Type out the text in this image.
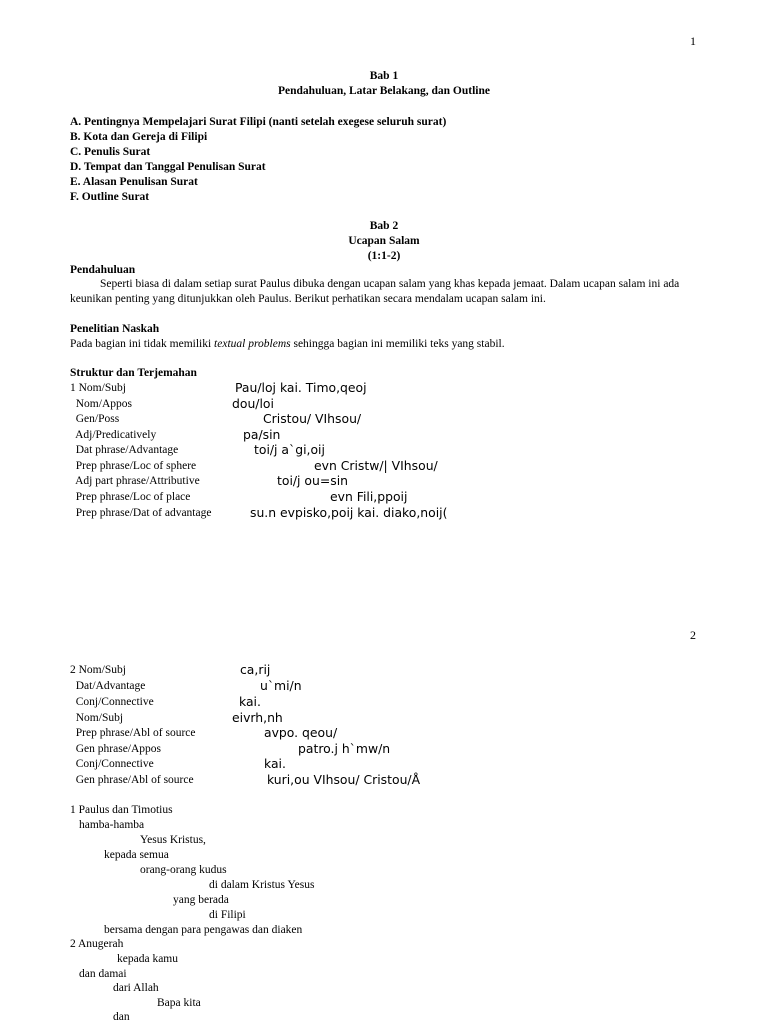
1
Bab 1
Pendahuluan, Latar Belakang, dan Outline
A. Pentingnya Mempelajari Surat Filipi (nanti setelah exegese seluruh surat)
B. Kota dan Gereja di Filipi
C. Penulis Surat
D. Tempat dan Tanggal Penulisan Surat
E. Alasan Penulisan Surat
F. Outline Surat
Bab 2
Ucapan Salam
(1:1-2)
Pendahuluan
Seperti biasa di dalam setiap surat Paulus dibuka dengan ucapan salam yang khas kepada jemaat. Dalam ucapan salam ini ada
keunikan penting yang ditunjukkan oleh Paulus. Berikut perhatikan secara mendalam ucapan salam ini.
Penelitian Naskah
Pada bagian ini tidak memiliki textual problems sehingga bagian ini memiliki teks yang stabil.
Struktur dan Terjemahan
1 Nom/Subj	Pau/loj kai. Timo,qeoj
Nom/Appos	dou/loi
Gen/Poss	Cristou/ VIhsou/
Adj/Predicatively	pa/sin
Dat phrase/Advantage	toi/j a`gi,oij
Prep phrase/Loc of sphere	evn Cristw/| VIhsou/
Adj part phrase/Attributive	toi/j ou=sin
Prep phrase/Loc of place	evn Fili,ppoij
Prep phrase/Dat of advantage	su.n evpisko,poij kai. diako,noij(
2
2 Nom/Subj	ca,rij
Dat/Advantage	u`mi/n
Conj/Connective	kai.
Nom/Subj	eivrh,nh
Prep phrase/Abl of source	avpo. qeou/
Gen phrase/Appos	patro.j h`mw/n
Conj/Connective	kai.
Gen phrase/Abl of source	kuri,ou VIhsou/ Cristou/Å
1 Paulus dan Timotius
hamba-hamba
Yesus Kristus,
kepada semua
orang-orang kudus
di dalam Kristus Yesus
yang berada
di Filipi
bersama dengan para pengawas dan diaken
2 Anugerah
kepada kamu
dan damai
dari Allah
Bapa kita
dan
